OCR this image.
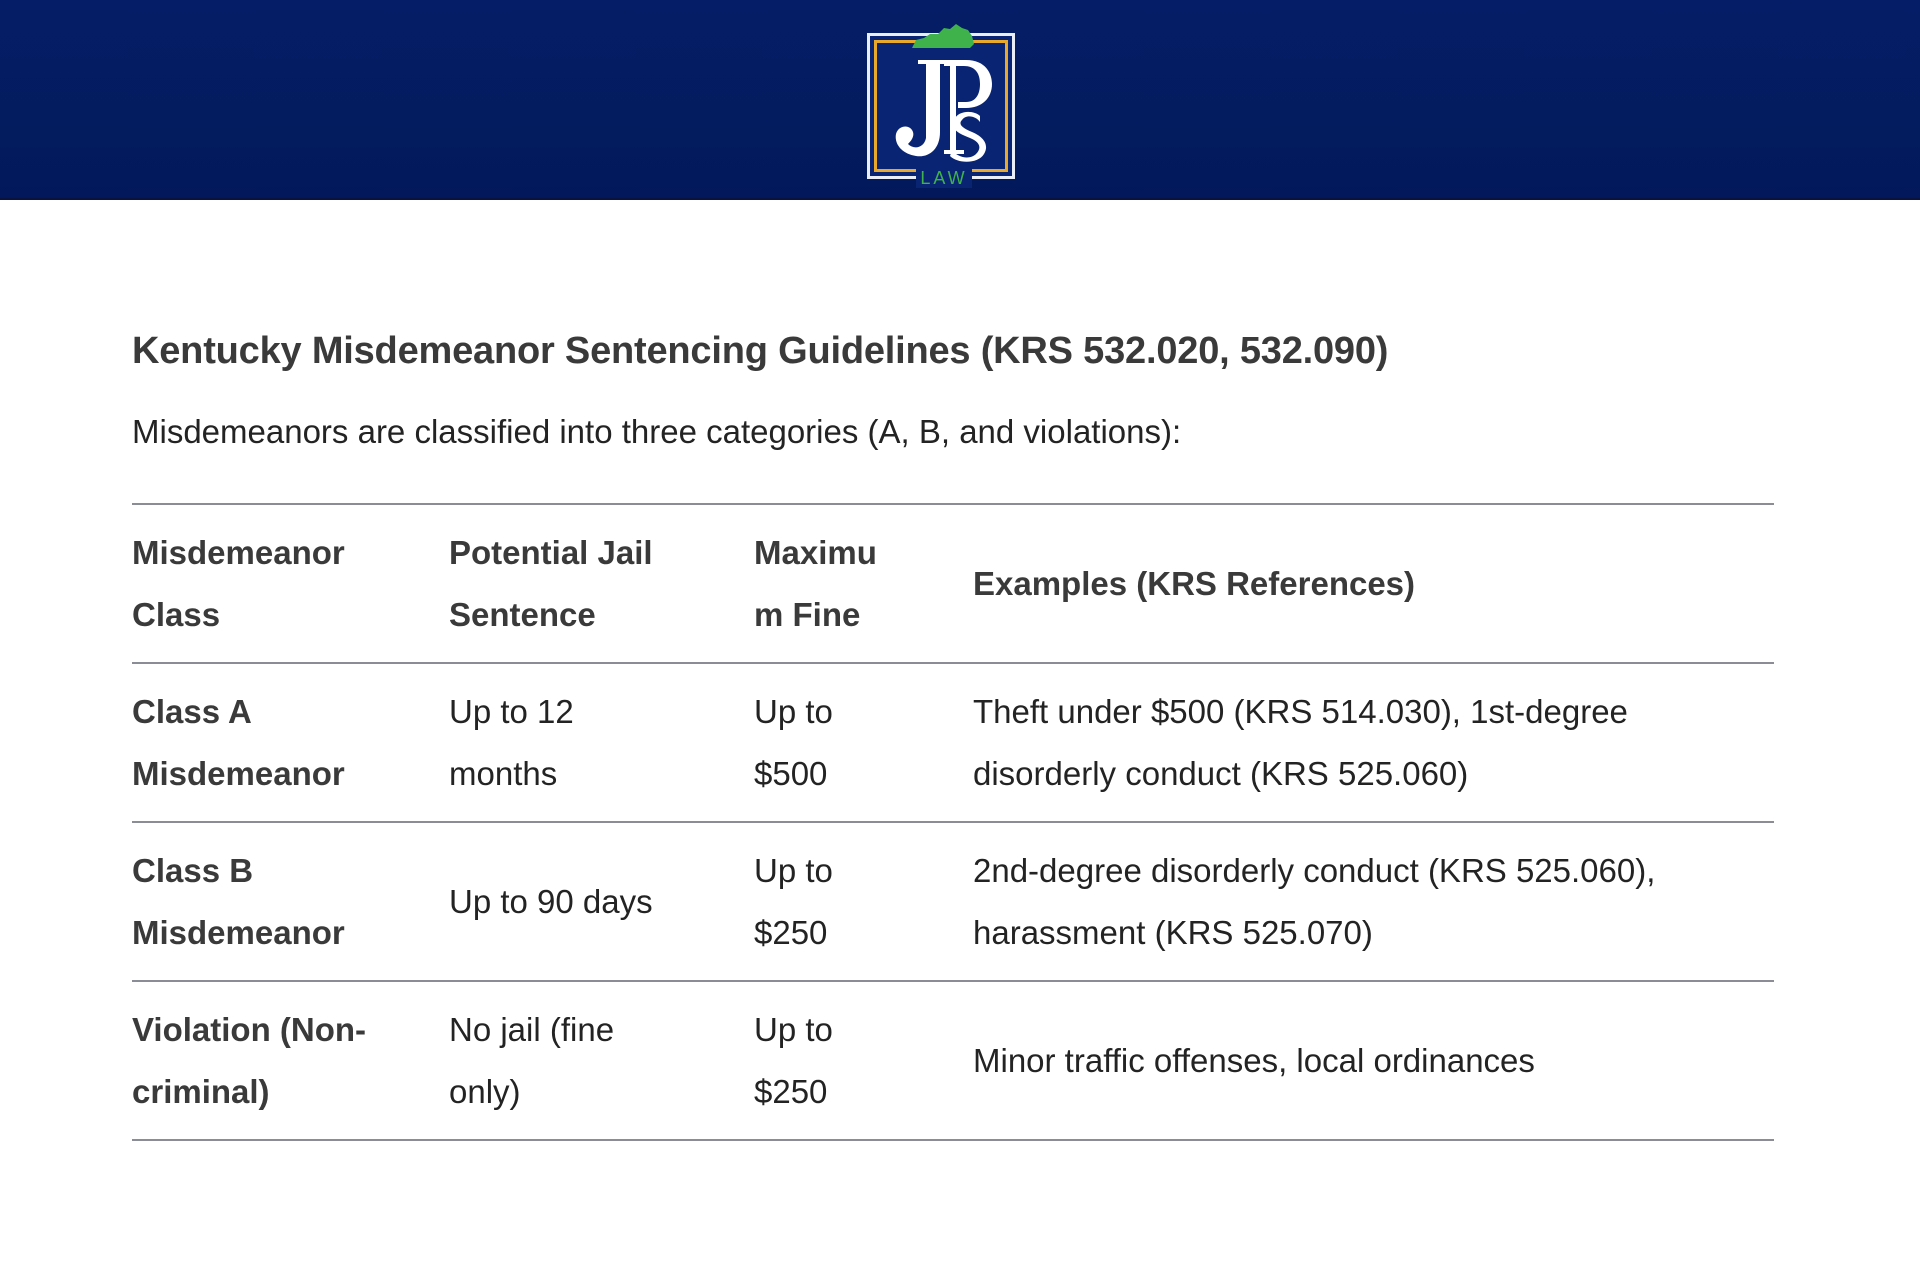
LAW
Kentucky Misdemeanor Sentencing Guidelines (KRS 532.020, 532.090)

Misdemeanors are classified into three categories (A, B, and violations):

Misdemeanor Class	Potential Jail Sentence	Maximum Fine	Examples (KRS References)

Class A Misdemeanor	Up to 12 months	Up to $500	Theft under $500 (KRS 514.030), 1st-degree disorderly conduct (KRS 525.060)

Class B Misdemeanor	Up to 90 days	Up to $250	2nd-degree disorderly conduct (KRS 525.060), harassment (KRS 525.070)

Violation (Non-criminal)	No jail (fine only)	Up to $250	Minor traffic offenses, local ordinances
